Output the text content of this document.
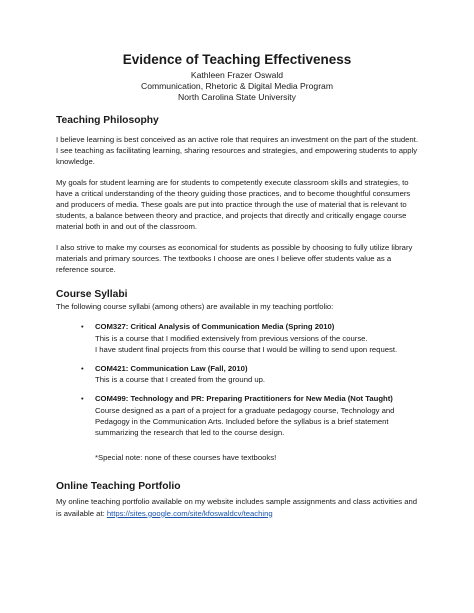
Evidence of Teaching Effectiveness
Kathleen Frazer Oswald
Communication, Rhetoric & Digital Media Program
North Carolina State University
Teaching Philosophy

I believe learning is best conceived as an active role that requires an investment on the part of the student. I see teaching as facilitating learning, sharing resources and strategies, and empowering students to apply knowledge.

My goals for student learning are for students to competently execute classroom skills and strategies, to have a critical understanding of the theory guiding those practices, and to become thoughtful consumers and producers of media. These goals are put into practice through the use of material that is relevant to students, a balance between theory and practice, and projects that directly and critically engage course material both in and out of the classroom.

I also strive to make my courses as economical for students as possible by choosing to fully utilize library materials and primary sources. The textbooks I choose are ones I believe offer students value as a reference source.

Course Syllabi

The following course syllabi (among others) are available in my teaching portfolio:

• COM327: Critical Analysis of Communication Media (Spring 2010)
This is a course that I modified extensively from previous versions of the course.
I have student final projects from this course that I would be willing to send upon request.
• COM421: Communication Law (Fall, 2010)
This is a course that I created from the ground up.
• COM499: Technology and PR: Preparing Practitioners for New Media (Not Taught)
Course designed as a part of a project for a graduate pedagogy course, Technology and Pedagogy in the Communication Arts. Included before the syllabus is a brief statement summarizing the research that led to the course design.

*Special note: none of these courses have textbooks!

Online Teaching Portfolio

My online teaching portfolio available on my website includes sample assignments and class activities and is available at: https://sites.google.com/site/kfoswaldcv/teaching
